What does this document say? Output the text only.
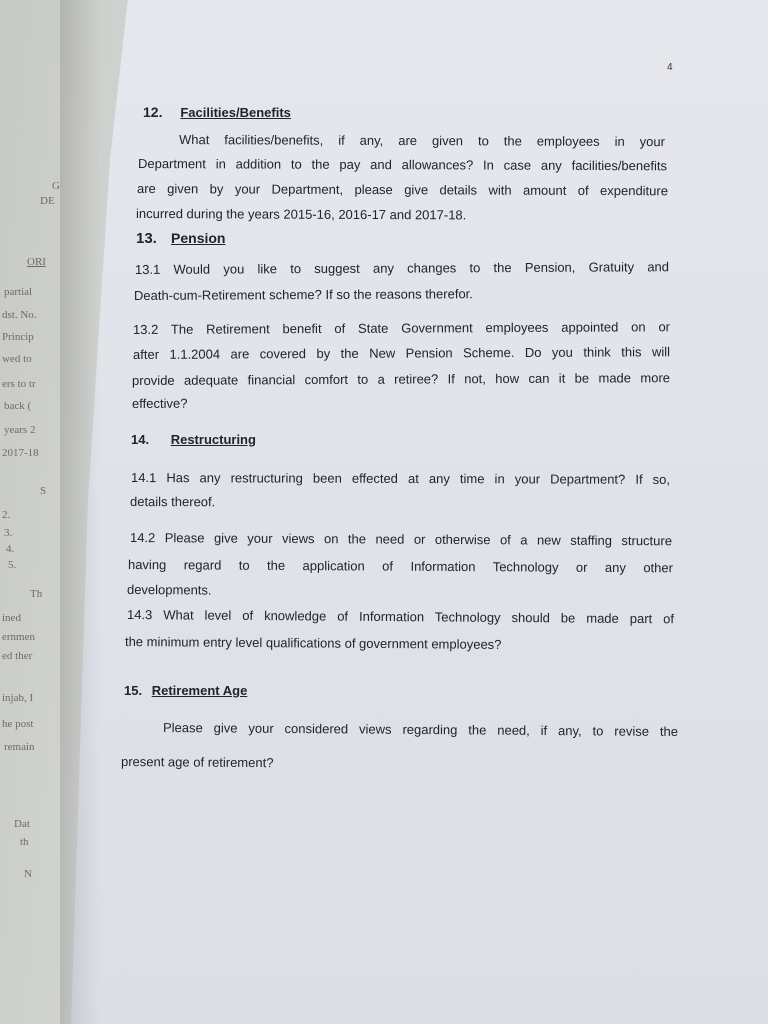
G
DE
ORI
partial
dst. No.
Princip
wed to
ers to tr
back (
years 2
2017-18
2.
3.
4.
5.
S
Th
ined
ernmen
ed ther
injab, I
he post
remain
Dat
th
N
4
12. Facilities/Benefits
What facilities/benefits, if any, are given to the employees in your
Department in addition to the pay and allowances? In case any facilities/benefits
are given by your Department, please give details with amount of expenditure
incurred during the years 2015-16, 2016-17 and 2017-18.
13. Pension
13.1 Would you like to suggest any changes to the Pension, Gratuity and
Death-cum-Retirement scheme? If so the reasons therefor.
13.2 The Retirement benefit of State Government employees appointed on or
after 1.1.2004 are covered by the New Pension Scheme. Do you think this will
provide adequate financial comfort to a retiree? If not, how can it be made more
effective?
14. Restructuring
14.1 Has any restructuring been effected at any time in your Department? If so,
details thereof.
14.2 Please give your views on the need or otherwise of a new staffing structure
having regard to the application of Information Technology or any other
developments.
14.3 What level of knowledge of Information Technology should be made part of
the minimum entry level qualifications of government employees?
15. Retirement Age
Please give your considered views regarding the need, if any, to revise the
present age of retirement?
